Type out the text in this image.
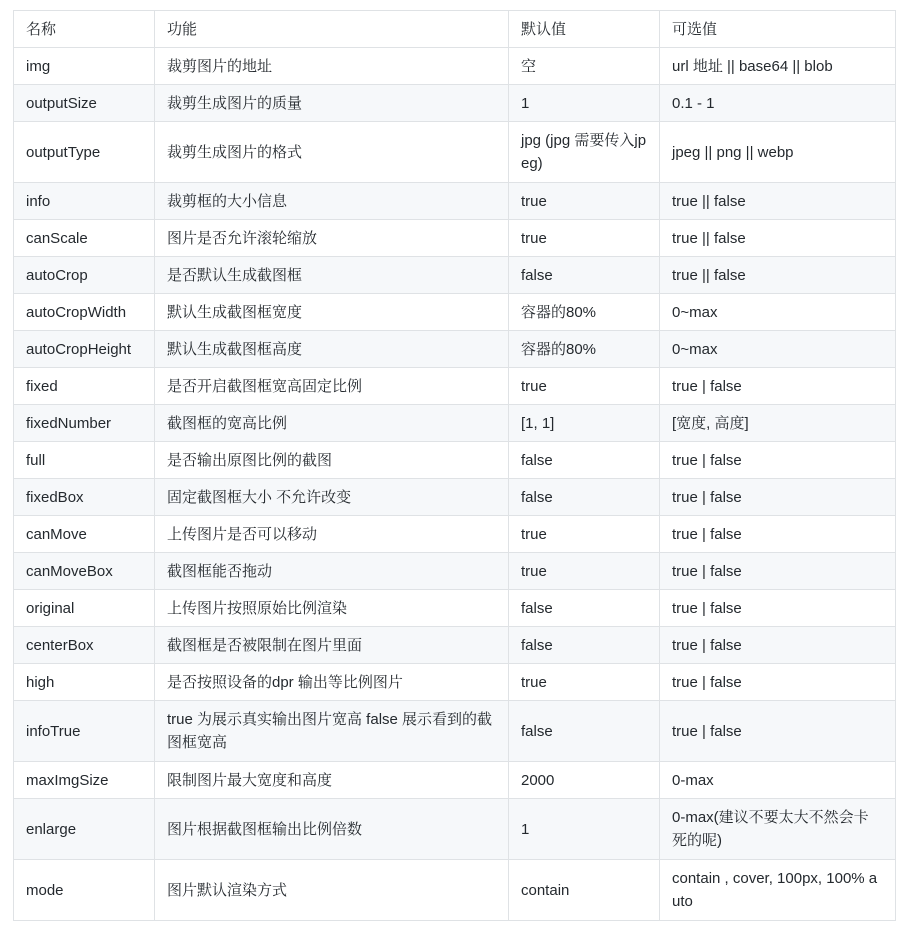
名称	功能	默认值	可选值
img	裁剪图片的地址	空	url 地址 || base64 || blob
outputSize	裁剪生成图片的质量	1	0.1 - 1
outputType	裁剪生成图片的格式	jpg (jpg 需要传入jpeg)	jpeg || png || webp
info	裁剪框的大小信息	true	true || false
canScale	图片是否允许滚轮缩放	true	true || false
autoCrop	是否默认生成截图框	false	true || false
autoCropWidth	默认生成截图框宽度	容器的80%	0~max
autoCropHeight	默认生成截图框高度	容器的80%	0~max
fixed	是否开启截图框宽高固定比例	true	true | false
fixedNumber	截图框的宽高比例	[1, 1]	[宽度, 高度]
full	是否输出原图比例的截图	false	true | false
fixedBox	固定截图框大小 不允许改变	false	true | false
canMove	上传图片是否可以移动	true	true | false
canMoveBox	截图框能否拖动	true	true | false
original	上传图片按照原始比例渲染	false	true | false
centerBox	截图框是否被限制在图片里面	false	true | false
high	是否按照设备的dpr 输出等比例图片	true	true | false
infoTrue	true 为展示真实输出图片宽高 false 展示看到的截图框宽高	false	true | false
maxImgSize	限制图片最大宽度和高度	2000	0-max
enlarge	图片根据截图框输出比例倍数	1	0-max(建议不要太大不然会卡死的呢)
mode	图片默认渲染方式	contain	contain , cover, 100px, 100% auto
